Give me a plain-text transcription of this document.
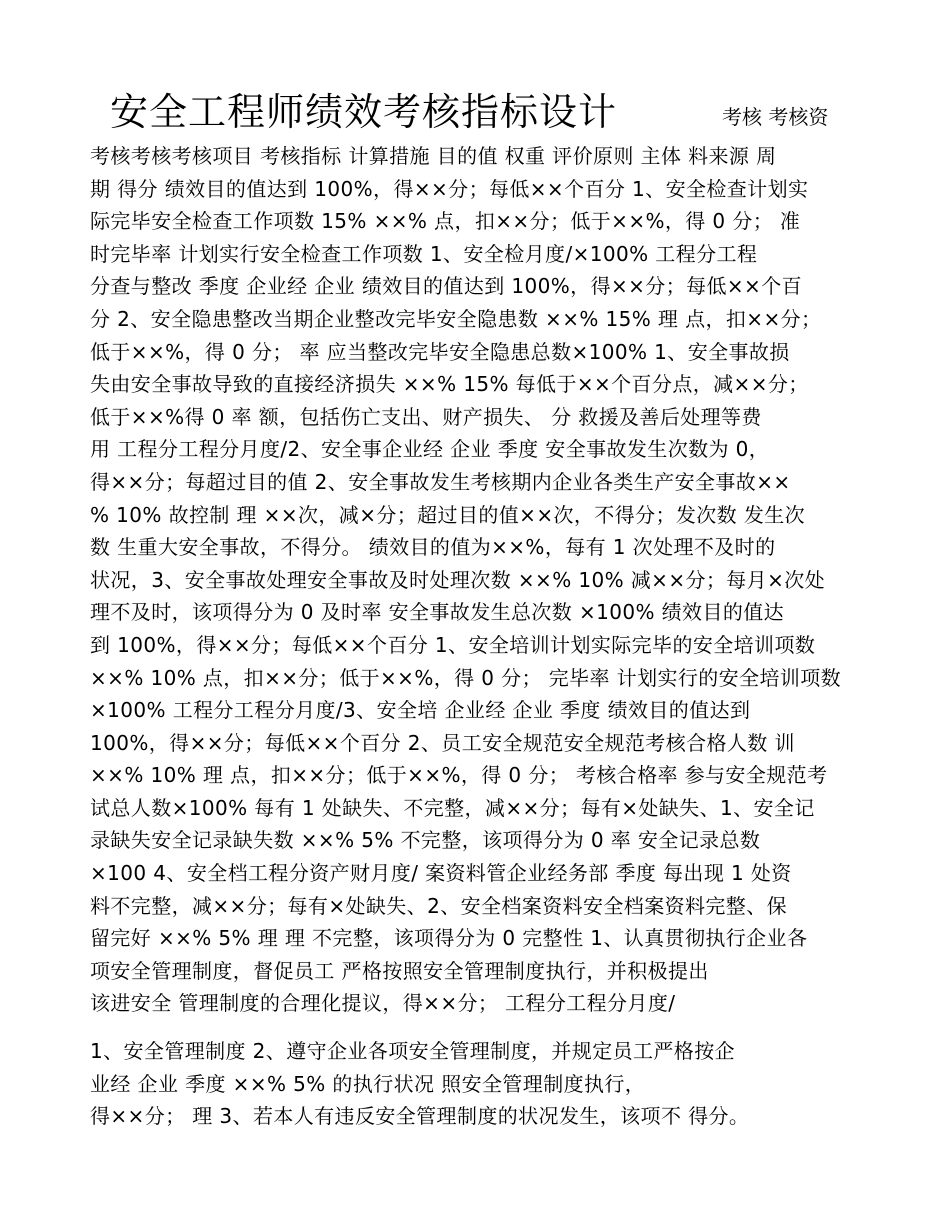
安全工程师绩效考核指标设计	考核 考核资
考核考核考核项目 考核指标 计算措施 目的值 权重 评价原则 主体 料来源 周
期 得分 绩效目的值达到 100%，得××分；每低××个百分 1、安全检查计划实
际完毕安全检查工作项数 15% ××% 点，扣××分；低于××%，得 0 分； 准
时完毕率 计划实行安全检查工作项数 1、安全检月度/×100% 工程分工程
分查与整改 季度 企业经 企业 绩效目的值达到 100%，得××分；每低××个百
分 2、安全隐患整改当期企业整改完毕安全隐患数 ××% 15% 理 点，扣××分；
低于××%，得 0 分； 率 应当整改完毕安全隐患总数×100% 1、安全事故损
失由安全事故导致的直接经济损失 ××% 15% 每低于××个百分点，减××分；
低于××%得 0 率 额，包括伤亡支出、财产损失、 分 救援及善后处理等费
用 工程分工程分月度/2、安全事企业经 企业 季度 安全事故发生次数为 0，
得××分；每超过目的值 2、安全事故发生考核期内企业各类生产安全事故××
% 10% 故控制 理 ××次，减×分；超过目的值××次，不得分；发次数 发生次
数 生重大安全事故，不得分。 绩效目的值为××%，每有 1 次处理不及时的
状况，3、安全事故处理安全事故及时处理次数 ××% 10% 减××分；每月×次处
理不及时，该项得分为 0 及时率 安全事故发生总次数 ×100% 绩效目的值达
到 100%，得××分；每低××个百分 1、安全培训计划实际完毕的安全培训项数
××% 10% 点，扣××分；低于××%，得 0 分； 完毕率 计划实行的安全培训项数
×100% 工程分工程分月度/3、安全培 企业经 企业 季度 绩效目的值达到
100%，得××分；每低××个百分 2、员工安全规范安全规范考核合格人数 训
××% 10% 理 点，扣××分；低于××%，得 0 分； 考核合格率 参与安全规范考
试总人数×100% 每有 1 处缺失、不完整，减××分；每有×处缺失、1、安全记
录缺失安全记录缺失数 ××% 5% 不完整，该项得分为 0 率 安全记录总数
×100 4、安全档工程分资产财月度/ 案资料管企业经务部 季度 每出现 1 处资
料不完整，减××分；每有×处缺失、2、安全档案资料安全档案资料完整、保
留完好 ××% 5% 理 理 不完整，该项得分为 0 完整性 1、认真贯彻执行企业各
项安全管理制度，督促员工 严格按照安全管理制度执行，并积极提出
该进安全 管理制度的合理化提议，得××分； 工程分工程分月度/
1、安全管理制度 2、遵守企业各项安全管理制度，并规定员工严格按企
业经 企业 季度 ××% 5% 的执行状况 照安全管理制度执行，
得××分； 理 3、若本人有违反安全管理制度的状况发生，该项不 得分。
